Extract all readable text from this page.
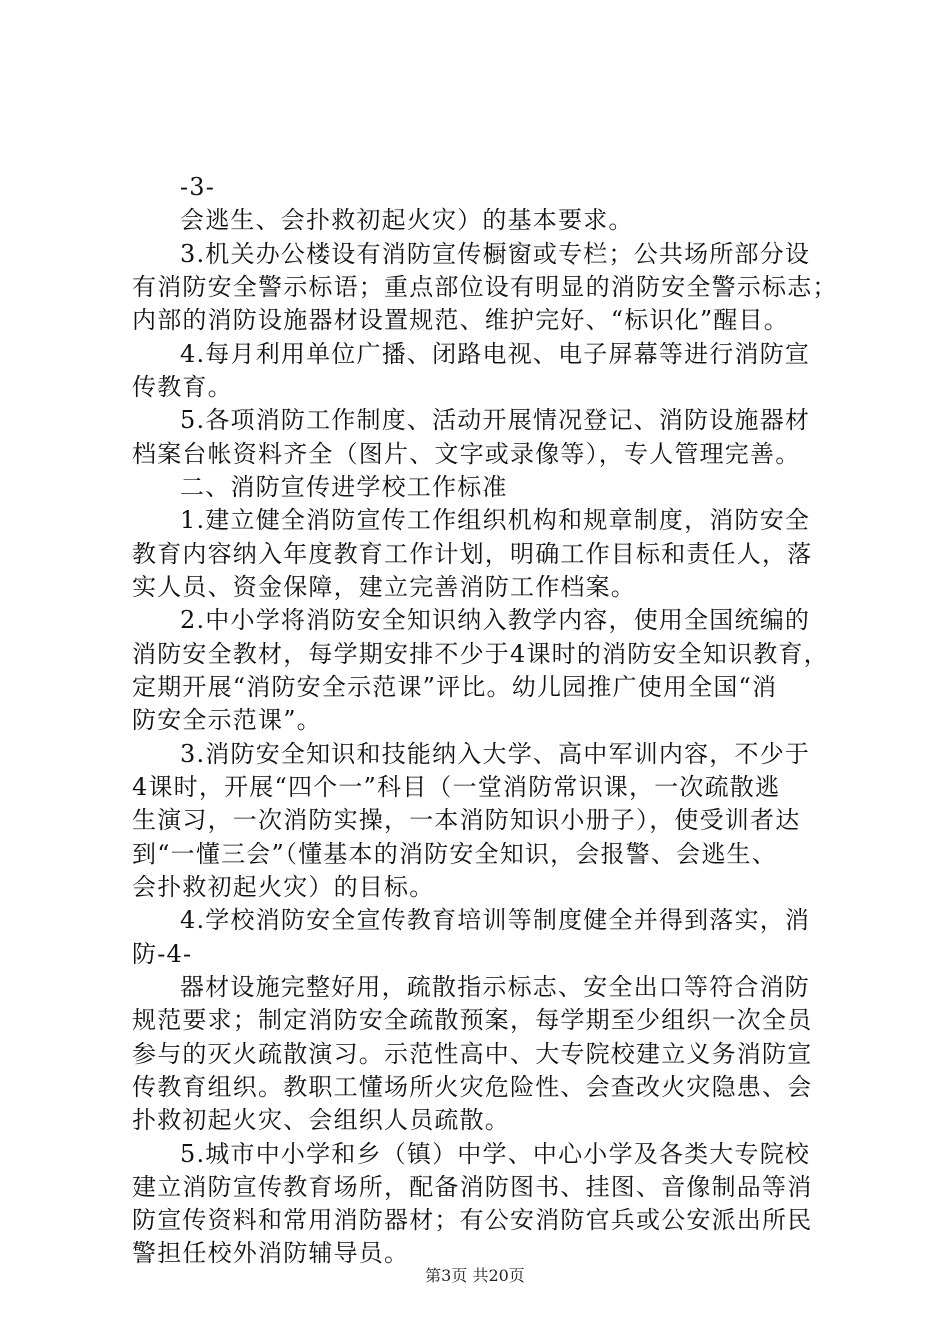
-3-
会逃生、会扑救初起火灾）的基本要求。
3.机关办公楼设有消防宣传橱窗或专栏；公共场所部分设
有消防安全警示标语；重点部位设有明显的消防安全警示标志；
内部的消防设施器材设置规范、维护完好、“标识化”醒目。
4.每月利用单位广播、闭路电视、电子屏幕等进行消防宣
传教育。
5.各项消防工作制度、活动开展情况登记、消防设施器材
档案台帐资料齐全（图片、文字或录像等），专人管理完善。
二、消防宣传进学校工作标准
1.建立健全消防宣传工作组织机构和规章制度，消防安全
教育内容纳入年度教育工作计划，明确工作目标和责任人，落
实人员、资金保障，建立完善消防工作档案。
2.中小学将消防安全知识纳入教学内容，使用全国统编的
消防安全教材，每学期安排不少于4课时的消防安全知识教育，
定期开展“消防安全示范课”评比。幼儿园推广使用全国“消
防安全示范课”。
3.消防安全知识和技能纳入大学、高中军训内容，不少于
4课时，开展“四个一”科目（一堂消防常识课，一次疏散逃
生演习，一次消防实操，一本消防知识小册子），使受训者达
到“一懂三会”（懂基本的消防安全知识，会报警、会逃生、
会扑救初起火灾）的目标。
4.学校消防安全宣传教育培训等制度健全并得到落实，消
防-4-
器材设施完整好用，疏散指示标志、安全出口等符合消防
规范要求；制定消防安全疏散预案，每学期至少组织一次全员
参与的灭火疏散演习。示范性高中、大专院校建立义务消防宣
传教育组织。教职工懂场所火灾危险性、会查改火灾隐患、会
扑救初起火灾、会组织人员疏散。
5.城市中小学和乡（镇）中学、中心小学及各类大专院校
建立消防宣传教育场所，配备消防图书、挂图、音像制品等消
防宣传资料和常用消防器材；有公安消防官兵或公安派出所民
警担任校外消防辅导员。
第3页 共20页
